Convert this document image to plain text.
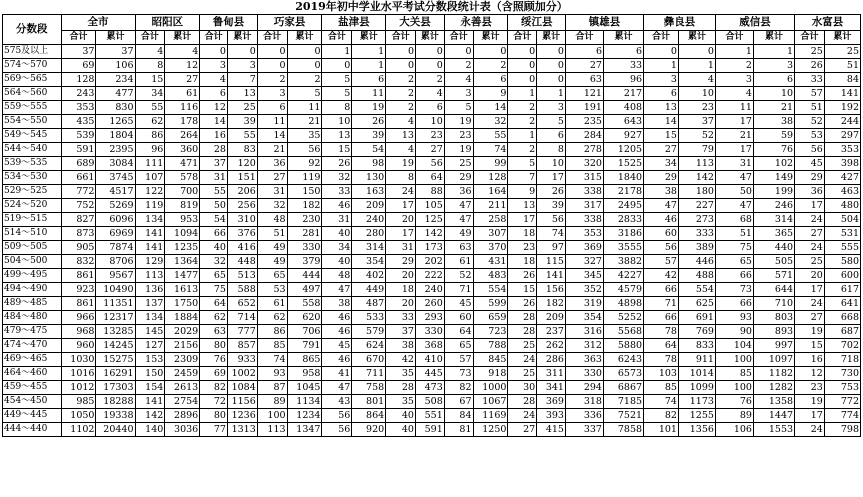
2019年初中学业水平考试分数段统计表（含照顾加分）
分数段	全市		昭阳区		鲁甸县		巧家县		盐津县		大关县		永善县		绥江县		镇雄县		彝良县		威信县		水富县	
	合计	累计	合计	累计	合计	累计	合计	累计	合计	累计	合计	累计	合计	累计	合计	累计	合计	累计	合计	累计	合计	累计	合计	累计
575及以上	37	37	4	4	0	0	0	0	1	1	0	0	0	0	0	0	6	6	0	0	1	1	25	25
574～570	69	106	8	12	3	3	0	0	0	1	0	0	2	2	0	0	27	33	1	1	2	3	26	51
569～565	128	234	15	27	4	7	2	2	5	6	2	2	4	6	0	0	63	96	3	4	3	6	33	84
564～560	243	477	34	61	6	13	3	5	5	11	2	4	3	9	1	1	121	217	6	10	4	10	57	141
559～555	353	830	55	116	12	25	6	11	8	19	2	6	5	14	2	3	191	408	13	23	11	21	51	192
554～550	435	1265	62	178	14	39	11	21	10	26	4	10	19	32	2	5	235	643	14	37	17	38	52	244
549～545	539	1804	86	264	16	55	14	35	13	39	13	23	23	55	1	6	284	927	15	52	21	59	53	297
544～540	591	2395	96	360	28	83	21	56	15	54	4	27	19	74	2	8	278	1205	27	79	17	76	56	353
539～535	689	3084	111	471	37	120	36	92	26	98	19	56	25	99	5	10	320	1525	34	113	31	102	45	398
534～530	661	3745	107	578	31	151	27	119	32	130	8	64	29	128	7	17	315	1840	29	142	47	149	29	427
529～525	772	4517	122	700	55	206	31	150	33	163	24	88	36	164	9	26	338	2178	38	180	50	199	36	463
524～520	752	5269	119	819	50	256	32	182	46	209	17	105	47	211	13	39	317	2495	47	227	47	246	17	480
519～515	827	6096	134	953	54	310	48	230	31	240	20	125	47	258	17	56	338	2833	46	273	68	314	24	504
514～510	873	6969	141	1094	66	376	51	281	40	280	17	142	49	307	18	74	353	3186	60	333	51	365	27	531
509～505	905	7874	141	1235	40	416	49	330	34	314	31	173	63	370	23	97	369	3555	56	389	75	440	24	555
504～500	832	8706	129	1364	32	448	49	379	40	354	29	202	61	431	18	115	327	3882	57	446	65	505	25	580
499～495	861	9567	113	1477	65	513	65	444	48	402	20	222	52	483	26	141	345	4227	42	488	66	571	20	600
494～490	923	10490	136	1613	75	588	53	497	47	449	18	240	71	554	15	156	352	4579	66	554	73	644	17	617
489～485	861	11351	137	1750	64	652	61	558	38	487	20	260	45	599	26	182	319	4898	71	625	66	710	24	641
484～480	966	12317	134	1884	62	714	62	620	46	533	33	293	60	659	28	209	354	5252	66	691	93	803	27	668
479～475	968	13285	145	2029	63	777	86	706	46	579	37	330	64	723	28	237	316	5568	78	769	90	893	19	687
474～470	960	14245	127	2156	80	857	85	791	45	624	38	368	65	788	25	262	312	5880	64	833	104	997	15	702
469～465	1030	15275	153	2309	76	933	74	865	46	670	42	410	57	845	24	286	363	6243	78	911	100	1097	16	718
464～460	1016	16291	150	2459	69	1002	93	958	41	711	35	445	73	918	25	311	330	6573	103	1014	85	1182	12	730
459～455	1012	17303	154	2613	82	1084	87	1045	47	758	28	473	82	1000	30	341	294	6867	85	1099	100	1282	23	753
454～450	985	18288	141	2754	72	1156	89	1134	43	801	35	508	67	1067	28	369	318	7185	74	1173	76	1358	19	772
449～445	1050	19338	142	2896	80	1236	100	1234	56	864	40	551	84	1169	24	393	336	7521	82	1255	89	1447	17	774
444～440	1102	20440	140	3036	77	1313	113	1347	56	920	40	591	81	1250	27	415	337	7858	101	1356	106	1553	24	798
